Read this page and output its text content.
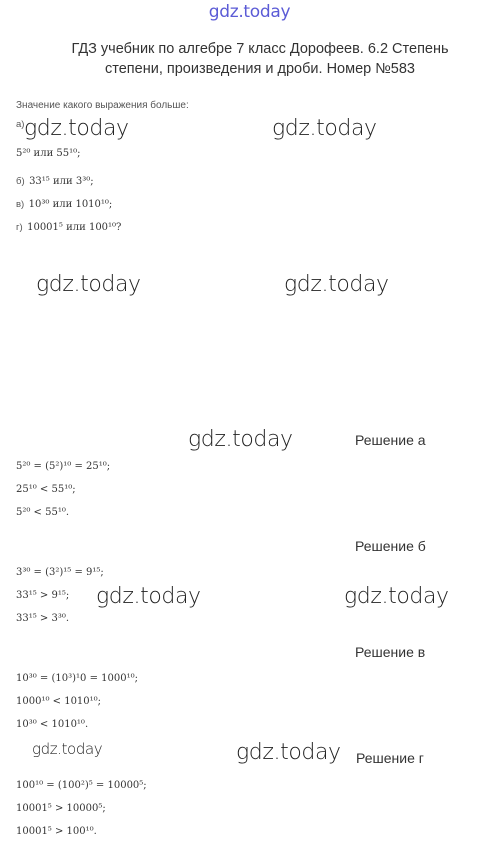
gdz.today
ГДЗ учебник по алгебре 7 класс Дорофеев. 6.2 Степень
степени, произведения и дроби. Номер №583
Значение какого выражения больше:
а)
5²⁰ или 55¹⁰;
б) 33¹⁵ или 3³⁰;
в) 10³⁰ или 1010¹⁰;
г) 10001⁵ или 100¹⁰?
gdz.today	gdz.today
gdz.today	gdz.today
gdz.today
gdz.today	gdz.today
gdz.today	gdz.today
Решение а
5²⁰ = (5²)¹⁰ = 25¹⁰;
25¹⁰ < 55¹⁰;
5²⁰ < 55¹⁰.
Решение б
3³⁰ = (3²)¹⁵ = 9¹⁵;
33¹⁵ > 9¹⁵;
33¹⁵ > 3³⁰.
Решение в
10³⁰ = (10³)¹0 = 1000¹⁰;
1000¹⁰ < 1010¹⁰;
10³⁰ < 1010¹⁰.
Решение г
100¹⁰ = (100²)⁵ = 10000⁵;
10001⁵ > 10000⁵;
10001⁵ > 100¹⁰.
